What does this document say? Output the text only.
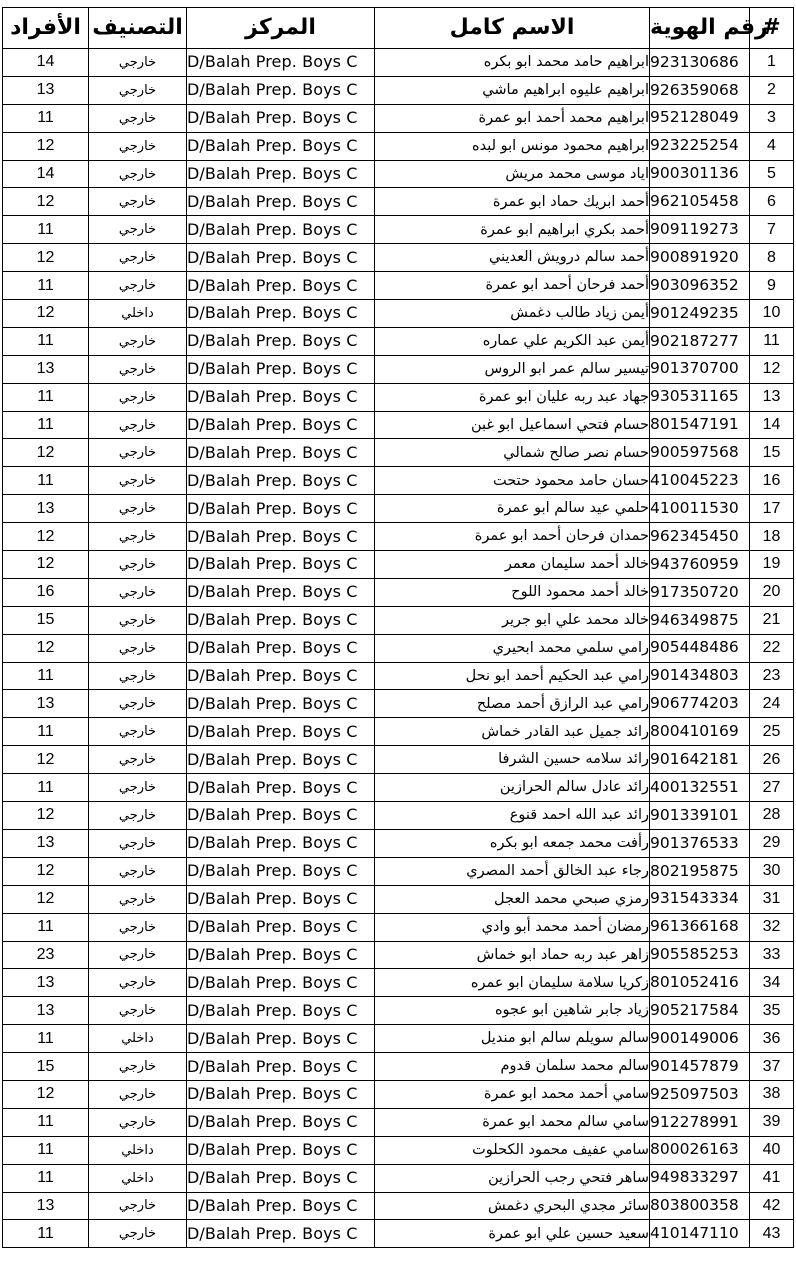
الأفراد	التصنيف	المركز	الاسم كامل	رقم الهوية	#
14	خارجي	D/Balah Prep. Boys C	ابراهيم حامد محمد ابو بكره	923130686	1
13	خارجي	D/Balah Prep. Boys C	ابراهيم عليوه ابراهيم ماشي	926359068	2
11	خارجي	D/Balah Prep. Boys C	ابراهيم محمد أحمد ابو عمرة	952128049	3
12	خارجي	D/Balah Prep. Boys C	ابراهيم محمود مونس ابو لبده	923225254	4
14	خارجي	D/Balah Prep. Boys C	اياد موسى محمد مريش	900301136	5
12	خارجي	D/Balah Prep. Boys C	أحمد ابريك حماد ابو عمرة	962105458	6
11	خارجي	D/Balah Prep. Boys C	أحمد بكري ابراهيم ابو عمرة	909119273	7
12	خارجي	D/Balah Prep. Boys C	أحمد سالم درويش العديني	900891920	8
11	خارجي	D/Balah Prep. Boys C	أحمد فرحان أحمد ابو عمرة	903096352	9
12	داخلي	D/Balah Prep. Boys C	أيمن زياد طالب دغمش	901249235	10
11	خارجي	D/Balah Prep. Boys C	أيمن عبد الكريم علي عماره	902187277	11
13	خارجي	D/Balah Prep. Boys C	تيسير سالم عمر ابو الروس	901370700	12
11	خارجي	D/Balah Prep. Boys C	جهاد عبد ربه عليان ابو عمرة	930531165	13
11	خارجي	D/Balah Prep. Boys C	حسام فتحي اسماعيل ابو غبن	801547191	14
12	خارجي	D/Balah Prep. Boys C	حسام نصر صالح شمالي	900597568	15
11	خارجي	D/Balah Prep. Boys C	حسان حامد محمود حتحت	410045223	16
13	خارجي	D/Balah Prep. Boys C	حلمي عيد سالم ابو عمرة	410011530	17
12	خارجي	D/Balah Prep. Boys C	حمدان فرحان أحمد ابو عمرة	962345450	18
12	خارجي	D/Balah Prep. Boys C	خالد أحمد سليمان معمر	943760959	19
16	خارجي	D/Balah Prep. Boys C	خالد أحمد محمود اللوح	917350720	20
15	خارجي	D/Balah Prep. Boys C	خالد محمد علي ابو جرير	946349875	21
12	خارجي	D/Balah Prep. Boys C	رامي سلمي محمد ابحيري	905448486	22
11	خارجي	D/Balah Prep. Boys C	رامي عبد الحكيم أحمد ابو نحل	901434803	23
13	خارجي	D/Balah Prep. Boys C	رامي عبد الرازق أحمد مصلح	906774203	24
11	خارجي	D/Balah Prep. Boys C	رائد جميل عبد القادر خماش	800410169	25
12	خارجي	D/Balah Prep. Boys C	رائد سلامه حسين الشرفا	901642181	26
11	خارجي	D/Balah Prep. Boys C	رائد عادل سالم الحرازين	400132551	27
12	خارجي	D/Balah Prep. Boys C	رائد عبد الله احمد قنوع	901339101	28
13	خارجي	D/Balah Prep. Boys C	رأفت محمد جمعه ابو بكره	901376533	29
12	خارجي	D/Balah Prep. Boys C	رجاء عبد الخالق أحمد المصري	802195875	30
12	خارجي	D/Balah Prep. Boys C	رمزي صبحي محمد العجل	931543334	31
11	خارجي	D/Balah Prep. Boys C	رمضان أحمد محمد أبو وادي	961366168	32
23	خارجي	D/Balah Prep. Boys C	زاهر عبد ربه حماد ابو خماش	905585253	33
13	خارجي	D/Balah Prep. Boys C	زكريا سلامة سليمان ابو عمره	801052416	34
13	خارجي	D/Balah Prep. Boys C	زياد جابر شاهين ابو عجوه	905217584	35
11	داخلي	D/Balah Prep. Boys C	سالم سويلم سالم ابو منديل	900149006	36
15	خارجي	D/Balah Prep. Boys C	سالم محمد سلمان قدوم	901457879	37
12	خارجي	D/Balah Prep. Boys C	سامي أحمد محمد ابو عمرة	925097503	38
11	خارجي	D/Balah Prep. Boys C	سامي سالم محمد ابو عمرة	912278991	39
11	داخلي	D/Balah Prep. Boys C	سامي عفيف محمود الكحلوت	800026163	40
11	داخلي	D/Balah Prep. Boys C	ساهر فتحي رجب الحرازين	949833297	41
13	خارجي	D/Balah Prep. Boys C	سائر مجدي البحري دغمش	803800358	42
11	خارجي	D/Balah Prep. Boys C	سعيد حسين علي ابو عمرة	410147110	43
